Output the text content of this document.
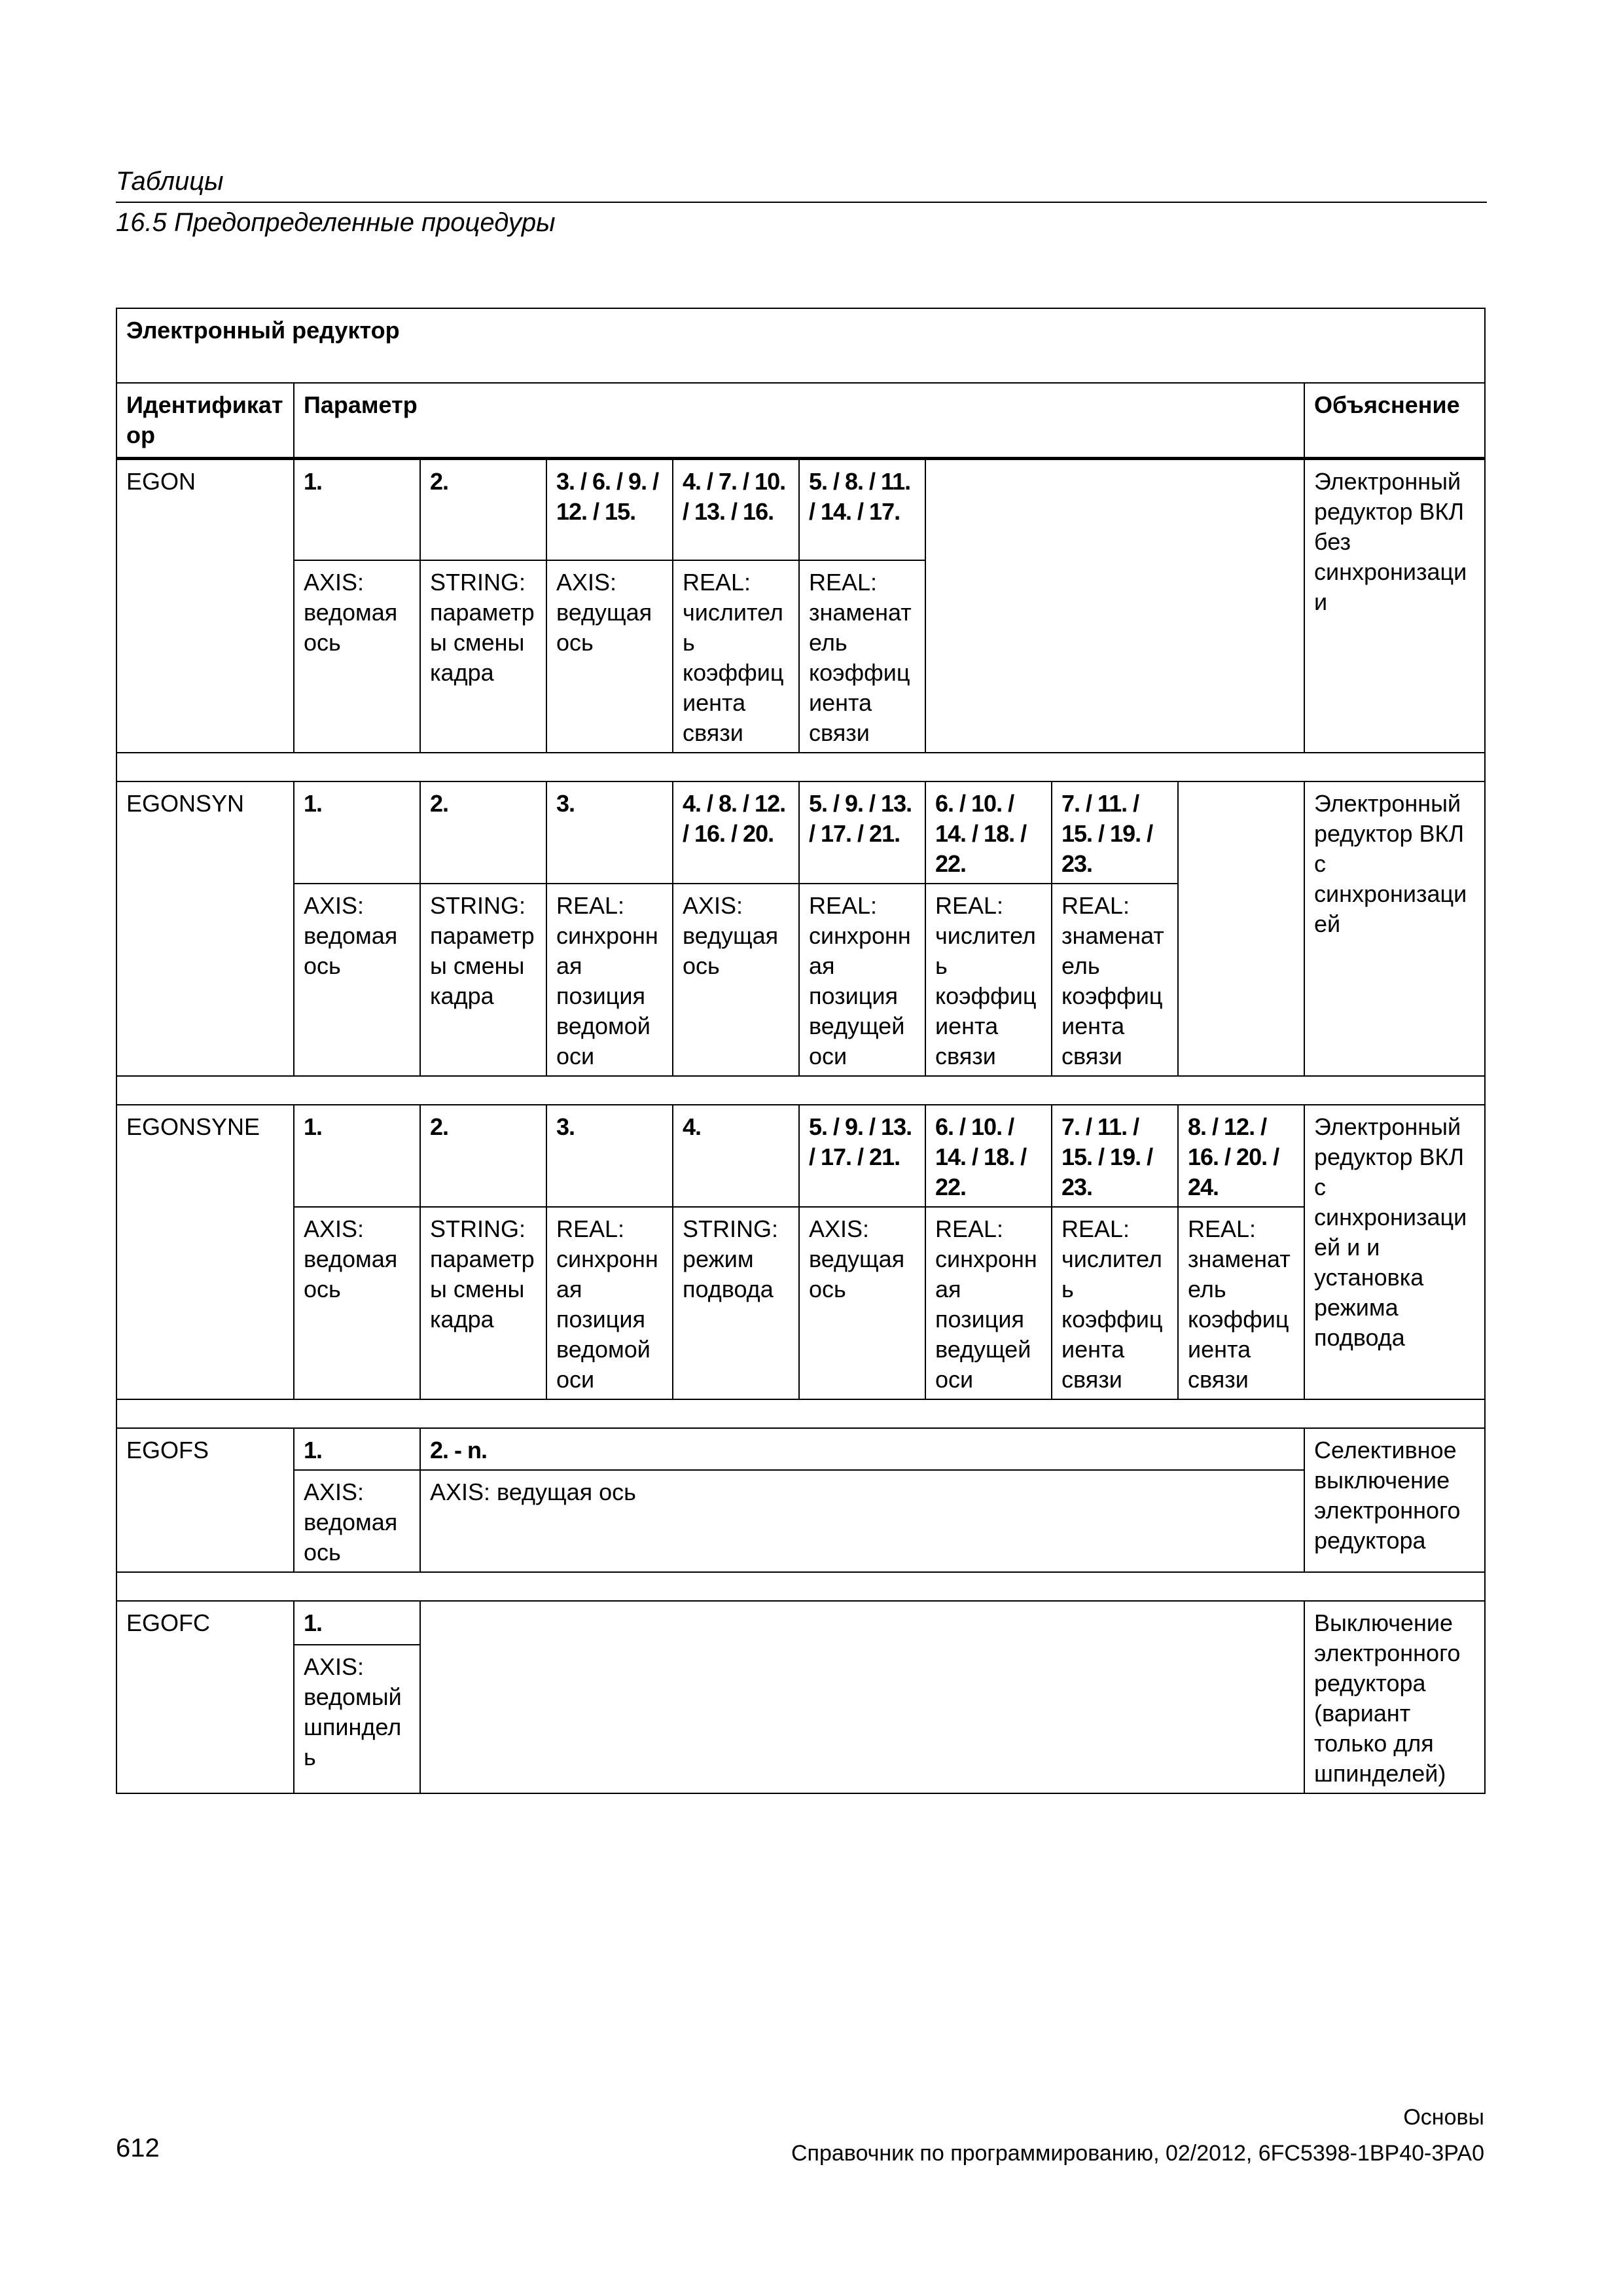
Таблицы
16.5 Предопределенные процедуры
Электронный редуктор									
Идентификатор	Параметр								Объяснение
EGON	1.	2.	3. / 6. / 9. / 12. / 15.	4. / 7. / 10. / 13. / 16.	5. / 8. / 11. / 14. / 17.				Электронный редуктор ВКЛ без синхронизации
	AXIS: ведомая ось	STRING: параметры смены кадра	AXIS: ведущая ось	REAL: числитель коэффициента связи	REAL: знаменатель коэффициента связи				

EGONSYN	1.	2.	3.	4. / 8. / 12. / 16. / 20.	5. / 9. / 13. / 17. / 21.	6. / 10. / 14. / 18. / 22.	7. / 11. / 15. / 19. / 23.		Электронный редуктор ВКЛ с синхронизацией
	AXIS: ведомая ось	STRING: параметры смены кадра	REAL: синхронная позиция ведомой оси	AXIS: ведущая ось	REAL: синхронная позиция ведущей оси	REAL: числитель коэффициента связи	REAL: знаменатель коэффициента связи		

EGONSYNE	1.	2.	3.	4.	5. / 9. / 13. / 17. / 21.	6. / 10. / 14. / 18. / 22.	7. / 11. / 15. / 19. / 23.	8. / 12. / 16. / 20. / 24.	Электронный редуктор ВКЛ с синхронизацией и и установка режима подвода
	AXIS: ведомая ось	STRING: параметры смены кадра	REAL: синхронная позиция ведомой оси	STRING: режим подвода	AXIS: ведущая ось	REAL: синхронная позиция ведущей оси	REAL: числитель коэффициента связи	REAL: знаменатель коэффициента связи	

EGOFS	1.	2. - n.							Селективное выключение электронного редуктора
	AXIS: ведомая ось	AXIS: ведущая ось							

EGOFC	1.								Выключение электронного редуктора (вариант только для шпинделей)
	AXIS: ведомый шпиндель								
Основы
612	Справочник по программированию, 02/2012, 6FC5398-1BP40-3PA0
